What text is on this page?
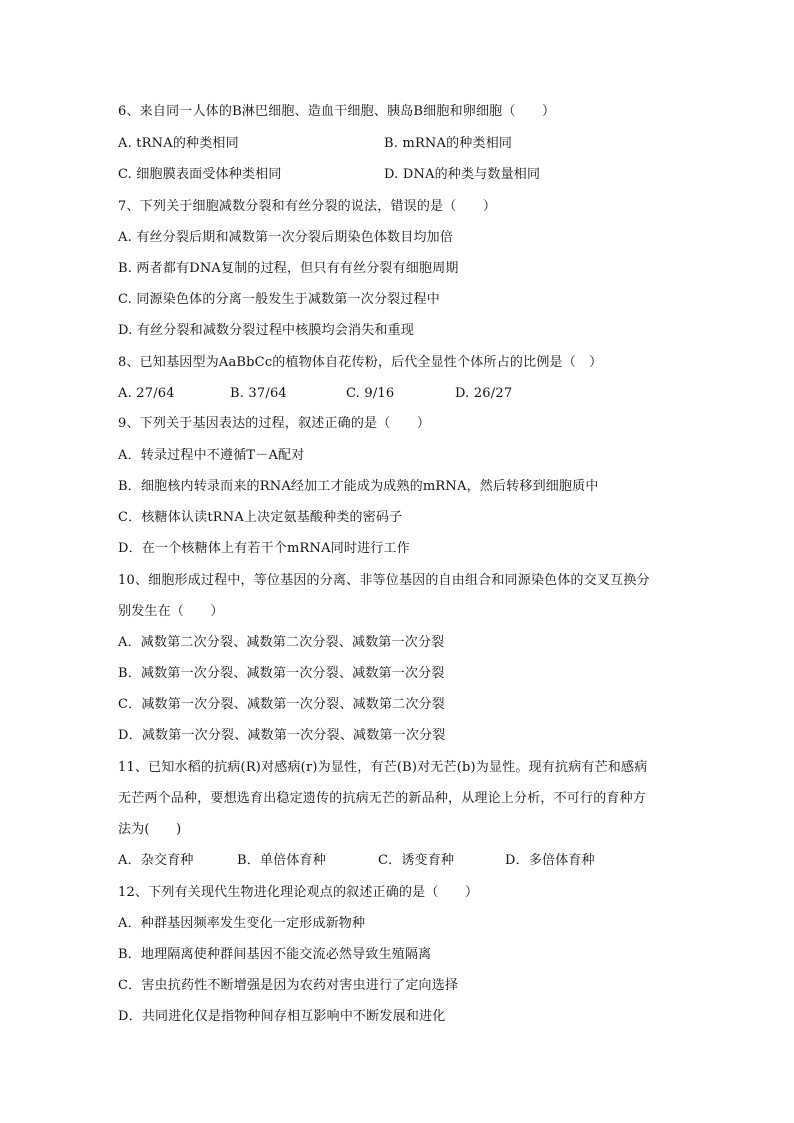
6、来自同一人体的B淋巴细胞、造血干细胞、胰岛B细胞和卵细胞（　　）
A. tRNA的种类相同	B. mRNA的种类相同
C. 细胞膜表面受体种类相同	D. DNA的种类与数量相同
7、下列关于细胞减数分裂和有丝分裂的说法，错误的是（　　）
A. 有丝分裂后期和减数第一次分裂后期染色体数目均加倍
B. 两者都有DNA复制的过程，但只有有丝分裂有细胞周期
C. 同源染色体的分离一般发生于减数第一次分裂过程中
D. 有丝分裂和减数分裂过程中核膜均会消失和重现
8、已知基因型为AaBbCc的植物体自花传粉，后代全显性个体所占的比例是（　）
A. 27/64	B. 37/64	C. 9/16	D. 26/27
9、下列关于基因表达的过程，叙述正确的是（　　）
A．转录过程中不遵循T－A配对
B．细胞核内转录而来的RNA经加工才能成为成熟的mRNA，然后转移到细胞质中
C．核糖体认读tRNA上决定氨基酸种类的密码子
D．在一个核糖体上有若干个mRNA同时进行工作
10、细胞形成过程中，等位基因的分离、非等位基因的自由组合和同源染色体的交叉互换分
别发生在（　　）
A．减数第二次分裂、减数第二次分裂、减数第一次分裂
B．减数第一次分裂、减数第一次分裂、减数第一次分裂
C．减数第一次分裂、减数第一次分裂、减数第二次分裂
D．减数第一次分裂、减数第一次分裂、减数第一次分裂
11、已知水稻的抗病(R)对感病(r)为显性，有芒(B)对无芒(b)为显性。现有抗病有芒和感病
无芒两个品种，要想选育出稳定遗传的抗病无芒的新品种，从理论上分析，不可行的育种方
法为(　　)
A．杂交育种	B．单倍体育种	C．诱变育种	D．多倍体育种
12、下列有关现代生物进化理论观点的叙述正确的是（　　）
A．种群基因频率发生变化一定形成新物种
B．地理隔离使种群间基因不能交流必然导致生殖隔离
C．害虫抗药性不断增强是因为农药对害虫进行了定向选择
D．共同进化仅是指物种间存相互影响中不断发展和进化
